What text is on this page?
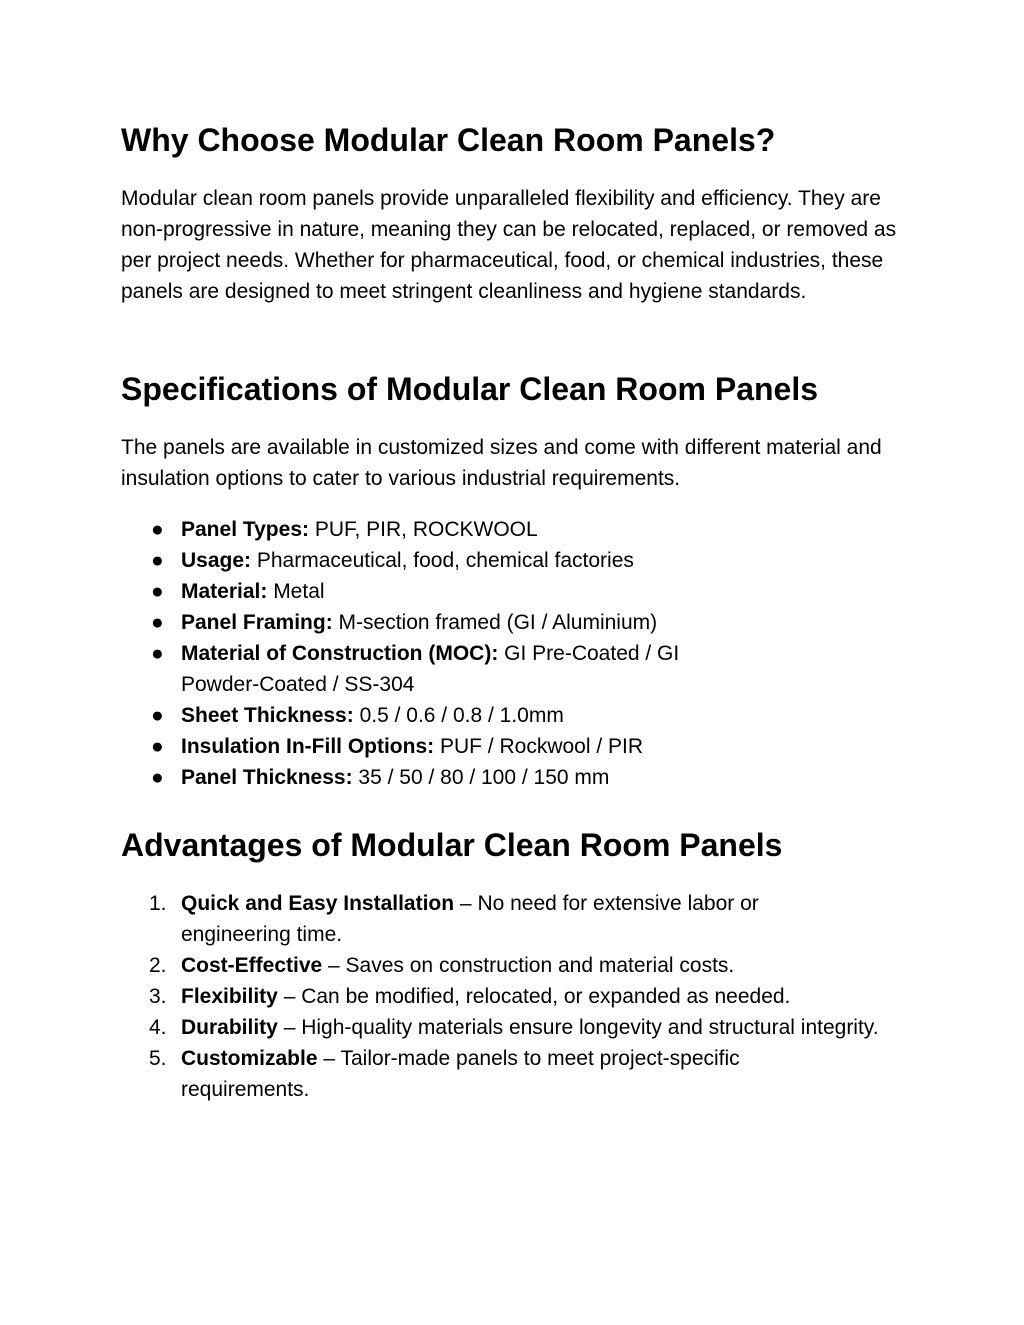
Why Choose Modular Clean Room Panels?

Modular clean room panels provide unparalleled flexibility and efficiency. They are non-progressive in nature, meaning they can be relocated, replaced, or removed as per project needs. Whether for pharmaceutical, food, or chemical industries, these panels are designed to meet stringent cleanliness and hygiene standards.

Specifications of Modular Clean Room Panels

The panels are available in customized sizes and come with different material and insulation options to cater to various industrial requirements.

● Panel Types: PUF, PIR, ROCKWOOL
● Usage: Pharmaceutical, food, chemical factories
● Material: Metal
● Panel Framing: M-section framed (GI / Aluminium)
● Material of Construction (MOC): GI Pre-Coated / GI Powder-Coated / SS-304
● Sheet Thickness: 0.5 / 0.6 / 0.8 / 1.0mm
● Insulation In-Fill Options: PUF / Rockwool / PIR
● Panel Thickness: 35 / 50 / 80 / 100 / 150 mm
Advantages of Modular Clean Room Panels
1. Quick and Easy Installation – No need for extensive labor or engineering time.
2. Cost-Effective – Saves on construction and material costs.
3. Flexibility – Can be modified, relocated, or expanded as needed.
4. Durability – High-quality materials ensure longevity and structural integrity.
5. Customizable – Tailor-made panels to meet project-specific requirements.
